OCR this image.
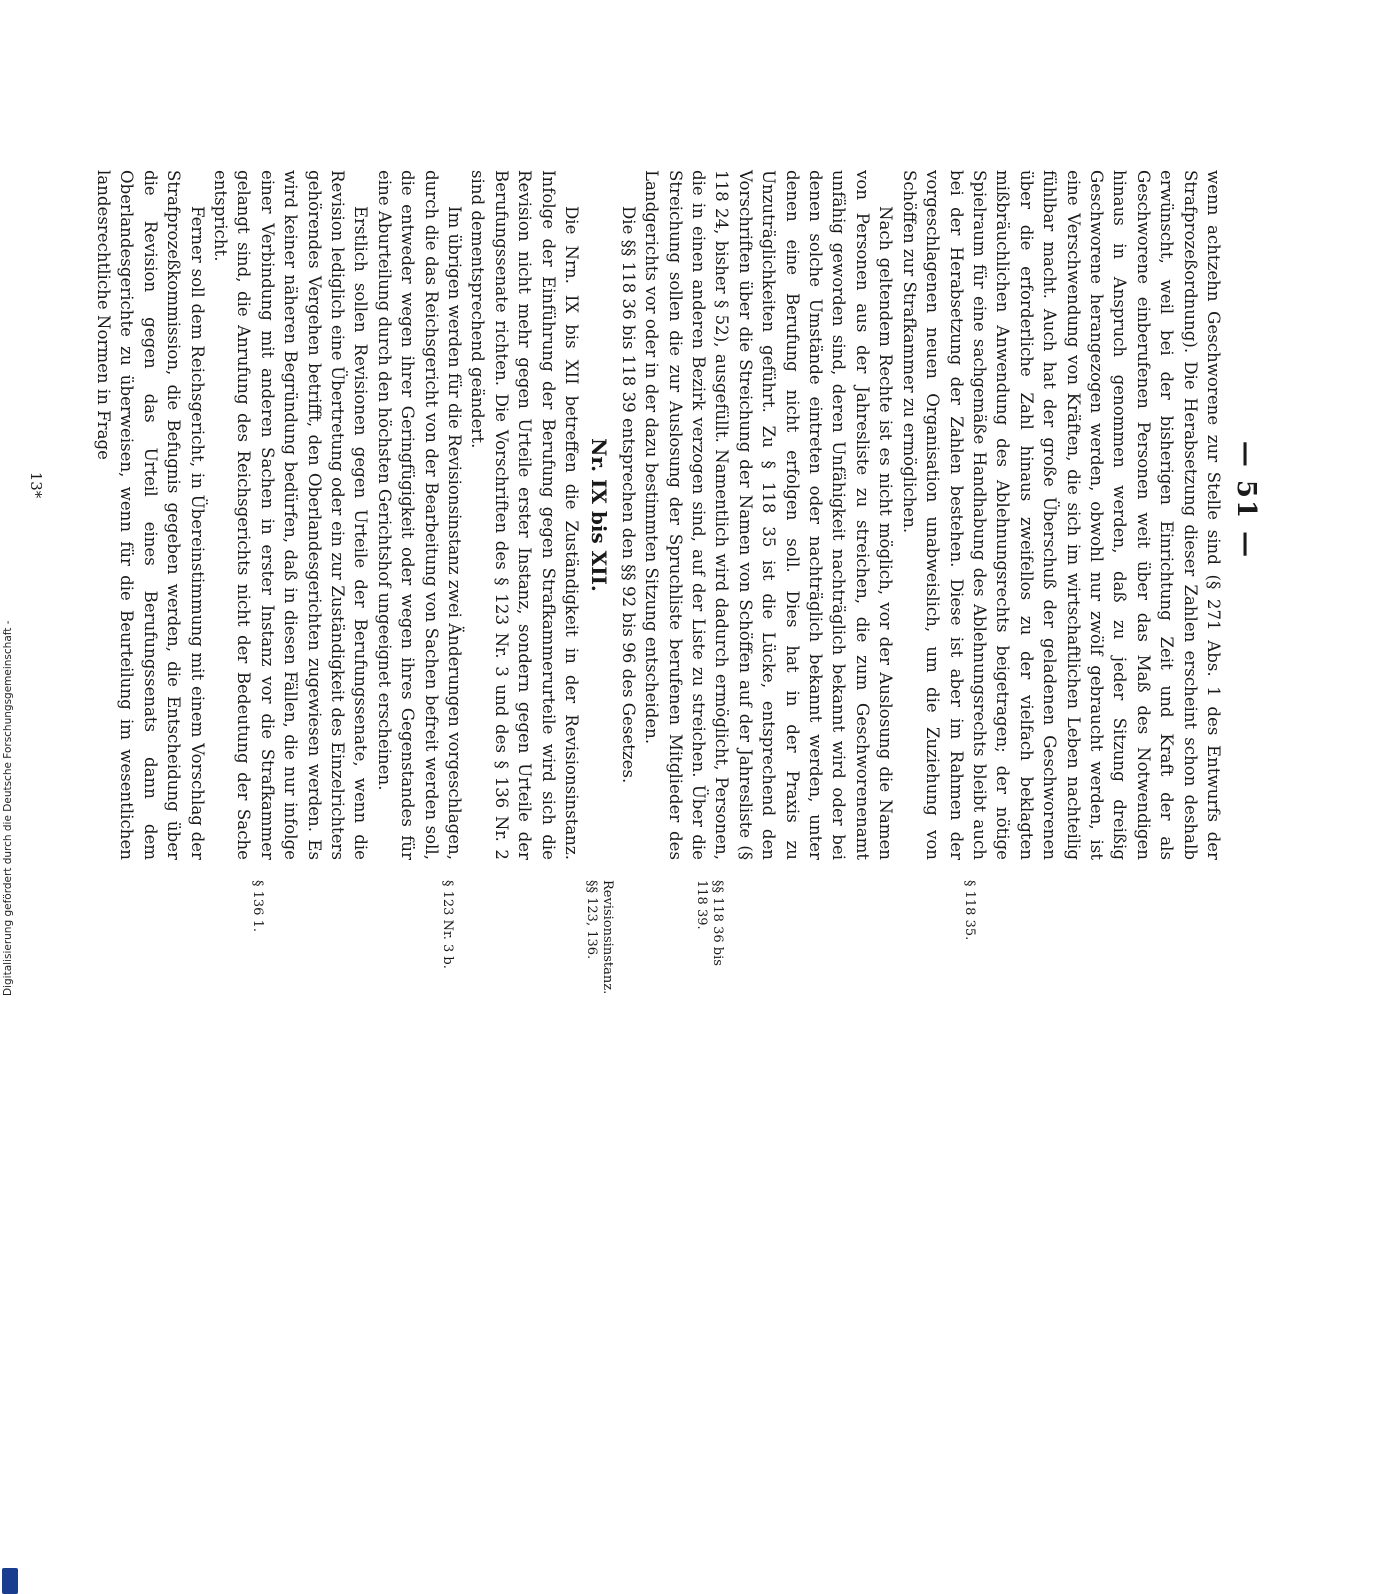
— 51 —

wenn achtzehn Geschworene zur Stelle sind (§ 271 Abs. 1 des Entwurfs der Strafprozeßordnung). Die Herabsetzung dieser Zahlen erscheint schon deshalb erwünscht, weil bei der bisherigen Einrichtung Zeit und Kraft der als Geschworene einberufenen Personen weit über das Maß des Notwendigen hinaus in Anspruch genommen werden, daß zu jeder Sitzung dreißig Geschworene herangezogen werden, obwohl nur zwölf gebraucht werden, ist eine Verschwendung von Kräften, die sich im wirtschaftlichen Leben nachteilig fühlbar macht. Auch hat der große Überschuß der geladenen Geschworenen über die erforderliche Zahl hinaus zweifellos zu der vielfach beklagten mißbräuchlichen Anwendung des Ablehnungsrechts beigetragen; der nötige Spielraum für eine sachgemäße Handhabung des Ablehnungsrechts bleibt auch bei der Herabsetzung der Zahlen bestehen. Diese ist aber im Rahmen der vorgeschlagenen neuen Organisation unabweislich, um die Zuziehung von Schöffen zur Strafkammer zu ermöglichen.

Nach geltendem Rechte ist es nicht möglich, vor der Auslosung die Namen von Personen aus der Jahresliste zu streichen, die zum Geschworenenamt unfähig geworden sind, deren Unfähigkeit nachträglich bekannt wird oder bei denen solche Umstände eintreten oder nachträglich bekannt werden, unter denen eine Berufung nicht erfolgen soll. Dies hat in der Praxis zu Unzuträglichkeiten geführt. Zu § 118 35 ist die Lücke, entsprechend den Vorschriften über die Streichung der Namen von Schöffen auf der Jahresliste (§ 118 24, bisher § 52), ausgefüllt. Namentlich wird dadurch ermöglicht, Personen, die in einen anderen Bezirk verzogen sind, auf der Liste zu streichen. Über die Streichung sollen die zur Auslosung der Spruchliste berufenen Mitglieder des Landgerichts vor oder in der dazu bestimmten Sitzung entscheiden.

Die §§ 118 36 bis 118 39 entsprechen den §§ 92 bis 96 des Gesetzes.

Nr. IX bis XII.

Die Nrn. IX bis XII betreffen die Zuständigkeit in der Revisionsinstanz. Infolge der Einführung der Berufung gegen Strafkammerurteile wird sich die Revision nicht mehr gegen Urteile erster Instanz, sondern gegen Urteile der Berufungssenate richten. Die Vorschriften des § 123 Nr. 3 und des § 136 Nr. 2 sind dementsprechend geändert.

Im übrigen werden für die Revisionsinstanz zwei Änderungen vorgeschlagen, durch die das Reichsgericht von der Bearbeitung von Sachen befreit werden soll, die entweder wegen ihrer Geringfügigkeit oder wegen ihres Gegenstandes für eine Aburteilung durch den höchsten Gerichtshof ungeeignet erscheinen.

Erstlich sollen Revisionen gegen Urteile der Berufungssenate, wenn die Revision lediglich eine Übertretung oder ein zur Zuständigkeit des Einzelrichters gehörendes Vergehen betrifft, den Oberlandesgerichten zugewiesen werden. Es wird keiner näheren Begründung bedürfen, daß in diesen Fällen, die nur infolge einer Verbindung mit anderen Sachen in erster Instanz vor die Strafkammer gelangt sind, die Anrufung des Reichsgerichts nicht der Bedeutung der Sache entspricht.

Ferner soll dem Reichsgericht, in Übereinstimmung mit einem Vorschlag der Strafprozeßkommission, die Befugnis gegeben werden, die Entscheidung über die Revision gegen das Urteil eines Berufungssenats dann dem Oberlandesgerichte zu überweisen, wenn für die Beurteilung im wesentlichen landesrechtliche Normen in Frage

§ 118 35.
§§ 118 36 bis 118 39.
Revisionsinstanz. §§ 123, 136.
§ 123 Nr. 3 b.
§ 136 1.
13*
Digitalisierung gefördert durch die Deutsche Forschungsgemeinschaft -
